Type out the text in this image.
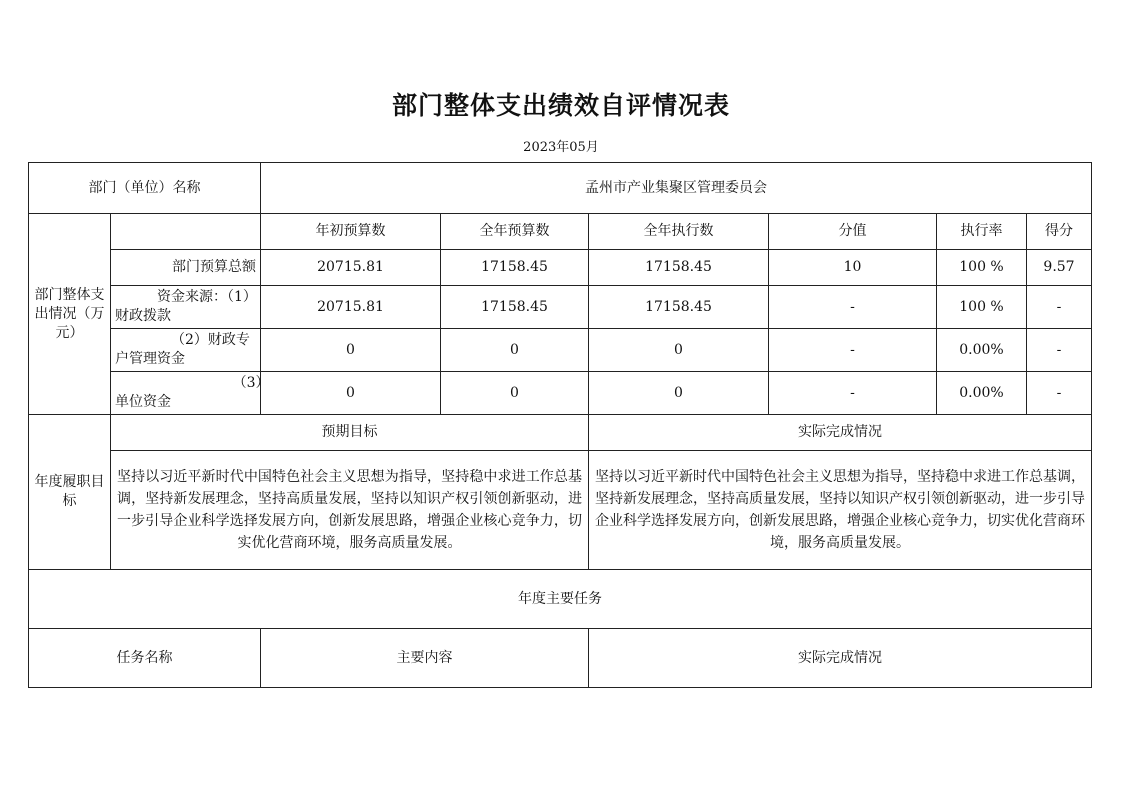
部门整体支出绩效自评情况表
2023年05月
部门（单位）名称		孟州市产业集聚区管理委员会					
部门整体支出情况（万元）		年初预算数	全年预算数	全年执行数	分值	执行率	得分
	部门预算总额	20715.81	17158.45	17158.45	10	100 %	9.57
	资金来源：（1）财政拨款	20715.81	17158.45	17158.45	-	100 %	-
	（2）财政专户管理资金	0	0	0	-	0.00%	-
	（3）单位资金	0	0	0	-	0.00%	-
年度履职目标	预期目标			实际完成情况			
	坚持以习近平新时代中国特色社会主义思想为指导，坚持稳中求进工作总基调，坚持新发展理念，坚持高质量发展，坚持以知识产权引领创新驱动，进一步引导企业科学选择发展方向，创新发展思路，增强企业核心竞争力，切实优化营商环境，服务高质量发展。			坚持以习近平新时代中国特色社会主义思想为指导，坚持稳中求进工作总基调，坚持新发展理念，坚持高质量发展，坚持以知识产权引领创新驱动，进一步引导企业科学选择发展方向，创新发展思路，增强企业核心竞争力，切实优化营商环境，服务高质量发展。			
年度主要任务							
任务名称		主要内容		实际完成情况			
